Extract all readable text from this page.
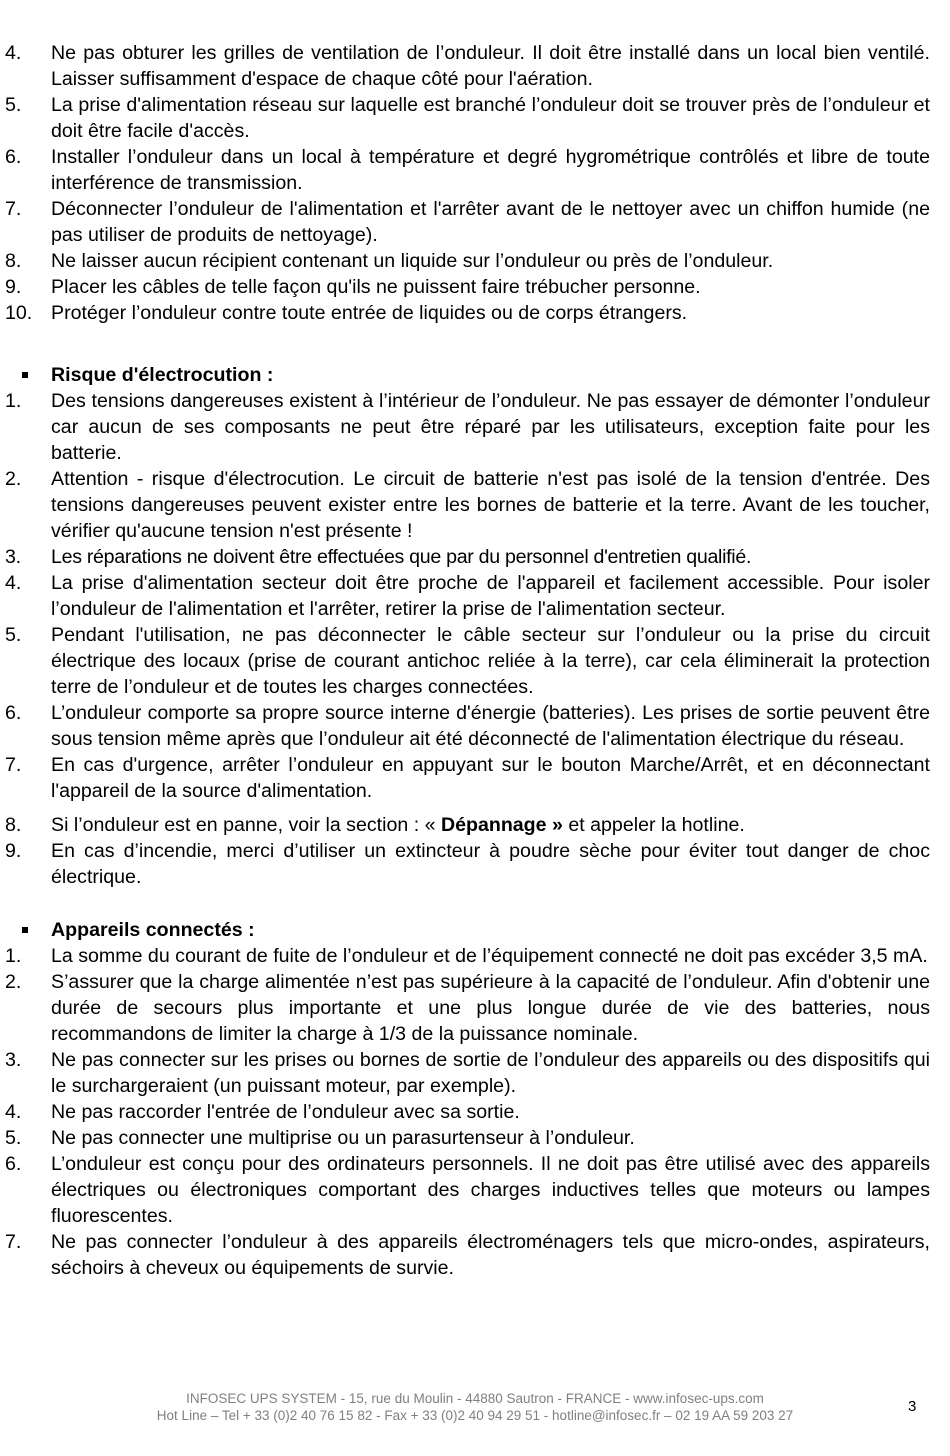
4. Ne pas obturer les grilles de ventilation de l’onduleur. Il doit être installé dans un local bien ventilé. Laisser suffisamment d'espace de chaque côté pour l'aération.
5. La prise d'alimentation réseau sur laquelle est branché l’onduleur doit se trouver près de l’onduleur et doit être facile d'accès.
6. Installer l’onduleur dans un local à température et degré hygrométrique contrôlés et libre de toute interférence de transmission.
7. Déconnecter l’onduleur de l'alimentation et l'arrêter avant de le nettoyer avec un chiffon humide (ne pas utiliser de produits de nettoyage).
8. Ne laisser aucun récipient contenant un liquide sur l’onduleur ou près de l’onduleur.
9. Placer les câbles de telle façon qu'ils ne puissent faire trébucher personne.
10. Protéger l’onduleur contre toute entrée de liquides ou de corps étrangers.
Risque d'électrocution :
1. Des tensions dangereuses existent à l’intérieur de l’onduleur. Ne pas essayer de démonter l’onduleur car aucun de ses composants ne peut être réparé par les utilisateurs, exception faite pour les batterie.
2. Attention - risque d'électrocution. Le circuit de batterie n'est pas isolé de la tension d'entrée. Des tensions dangereuses peuvent exister entre les bornes de batterie et la terre. Avant de les toucher, vérifier qu'aucune tension n'est présente !
3. Les réparations ne doivent être effectuées que par du personnel d'entretien qualifié.
4. La prise d'alimentation secteur doit être proche de l'appareil et facilement accessible. Pour isoler l’onduleur de l'alimentation et l'arrêter, retirer la prise de l'alimentation secteur.
5. Pendant l'utilisation, ne pas déconnecter le câble secteur sur l’onduleur ou la prise du circuit électrique des locaux (prise de courant antichoc reliée à la terre), car cela éliminerait la protection terre de l’onduleur et de toutes les charges connectées.
6. L’onduleur comporte sa propre source interne d'énergie (batteries). Les prises de sortie peuvent être sous tension même après que l’onduleur ait été déconnecté de l'alimentation électrique du réseau.
7. En cas d'urgence, arrêter l’onduleur en appuyant sur le bouton Marche/Arrêt, et en déconnectant l'appareil de la source d'alimentation.
8. Si l’onduleur est en panne, voir la section : « Dépannage » et appeler la hotline.
9. En cas d’incendie, merci d’utiliser un extincteur à poudre sèche pour éviter tout danger de choc électrique.
Appareils connectés :
1. La somme du courant de fuite de l’onduleur et de l’équipement connecté ne doit pas excéder 3,5 mA.
2. S’assurer que la charge alimentée n’est pas supérieure à la capacité de l’onduleur. Afin d'obtenir une durée de secours plus importante et une plus longue durée de vie des batteries, nous recommandons de limiter la charge à 1/3 de la puissance nominale.
3. Ne pas connecter sur les prises ou bornes de sortie de l’onduleur des appareils ou des dispositifs qui le surchargeraient (un puissant moteur, par exemple).
4. Ne pas raccorder l'entrée de l’onduleur avec sa sortie.
5. Ne pas connecter une multiprise ou un parasurtenseur à l’onduleur.
6. L’onduleur est conçu pour des ordinateurs personnels. Il ne doit pas être utilisé avec des appareils électriques ou électroniques comportant des charges inductives telles que moteurs ou lampes fluorescentes.
7. Ne pas connecter l’onduleur à des appareils électroménagers tels que micro-ondes, aspirateurs, séchoirs à cheveux ou équipements de survie.
INFOSEC UPS SYSTEM - 15, rue du Moulin - 44880 Sautron - FRANCE - www.infosec-ups.com
Hot Line – Tel + 33 (0)2 40 76 15 82 - Fax + 33 (0)2 40 94 29 51 - hotline@infosec.fr – 02 19 AA 59 203 27
3
